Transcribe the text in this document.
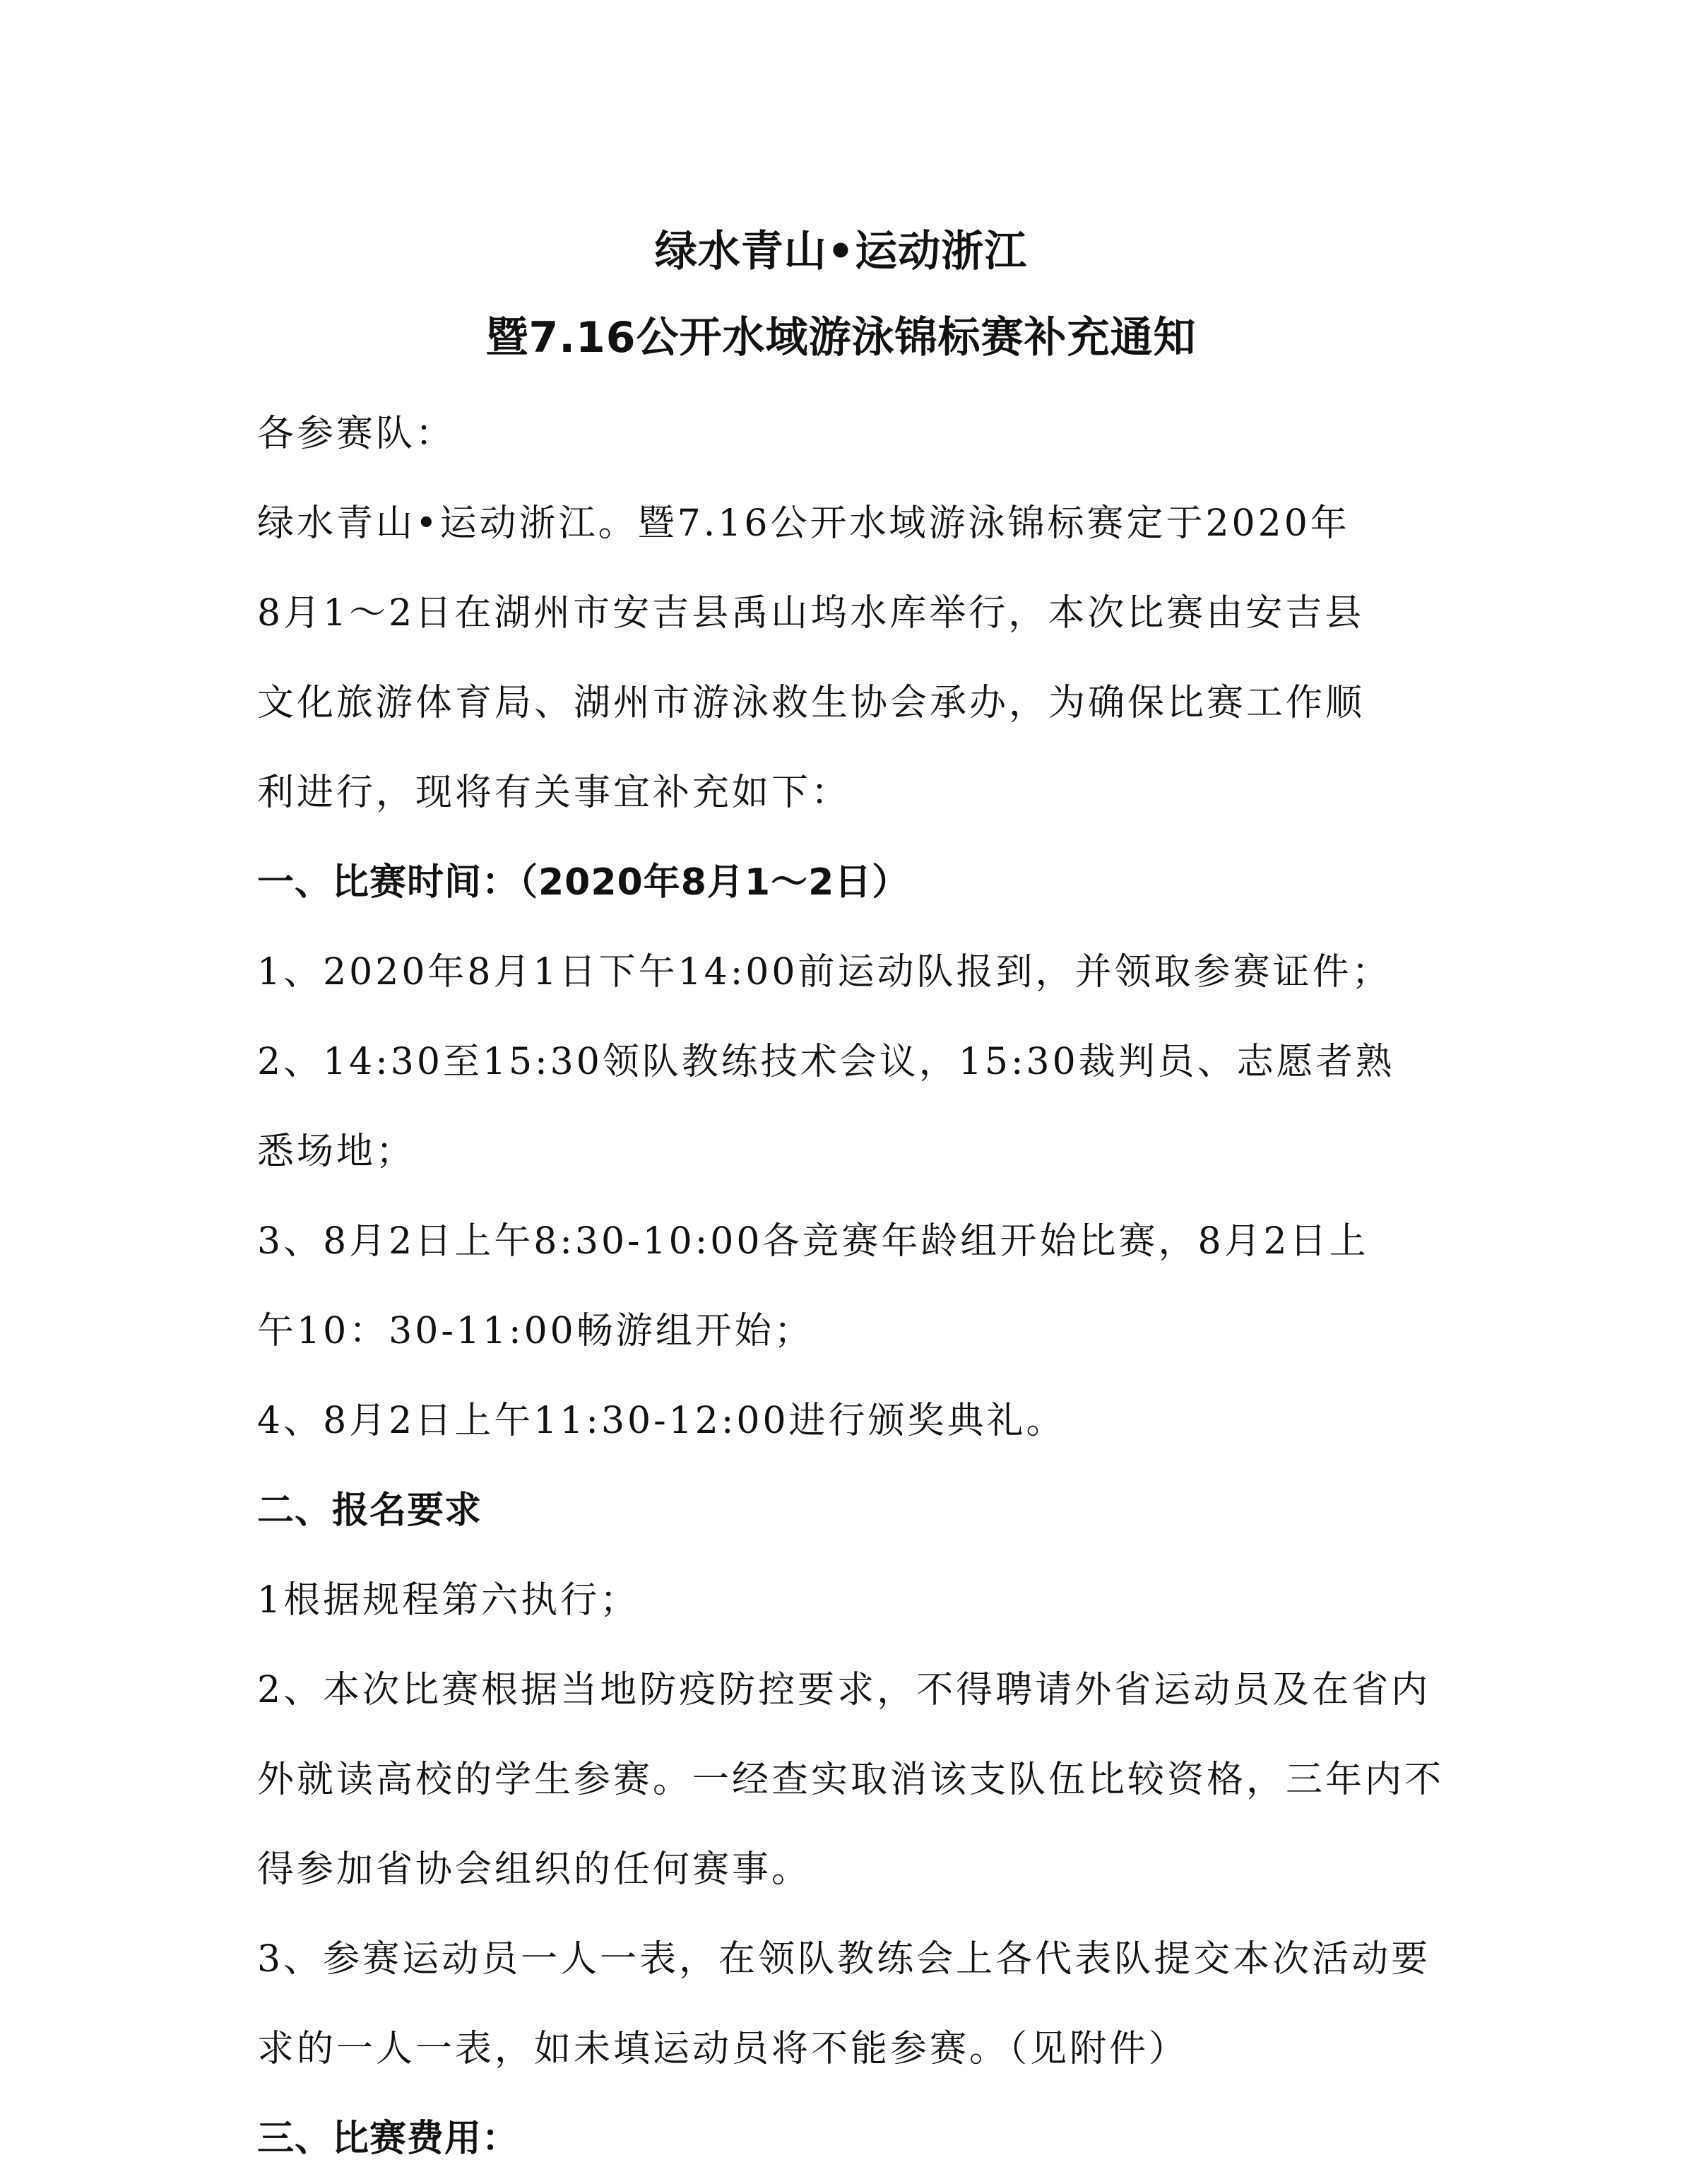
绿水青山•运动浙江
暨7.16公开水域游泳锦标赛补充通知
各参赛队：
绿水青山•运动浙江。暨7.16公开水域游泳锦标赛定于2020年
8月1～2日在湖州市安吉县禹山坞水库举行，本次比赛由安吉县
文化旅游体育局、湖州市游泳救生协会承办，为确保比赛工作顺
利进行，现将有关事宜补充如下：
一、比赛时间：（2020年8月1～2日）
1、2020年8月1日下午14:00前运动队报到，并领取参赛证件；
2、14:30至15:30领队教练技术会议，15:30裁判员、志愿者熟
悉场地；
3、8月2日上午8:30-10:00各竞赛年龄组开始比赛，8月2日上
午10：30-11:00畅游组开始；
4、8月2日上午11:30-12:00进行颁奖典礼。
二、报名要求
1根据规程第六执行；
2、本次比赛根据当地防疫防控要求，不得聘请外省运动员及在省内
外就读高校的学生参赛。一经查实取消该支队伍比较资格，三年内不
得参加省协会组织的任何赛事。
3、参赛运动员一人一表，在领队教练会上各代表队提交本次活动要
求的一人一表，如未填运动员将不能参赛。（见附件）
三、比赛费用：
